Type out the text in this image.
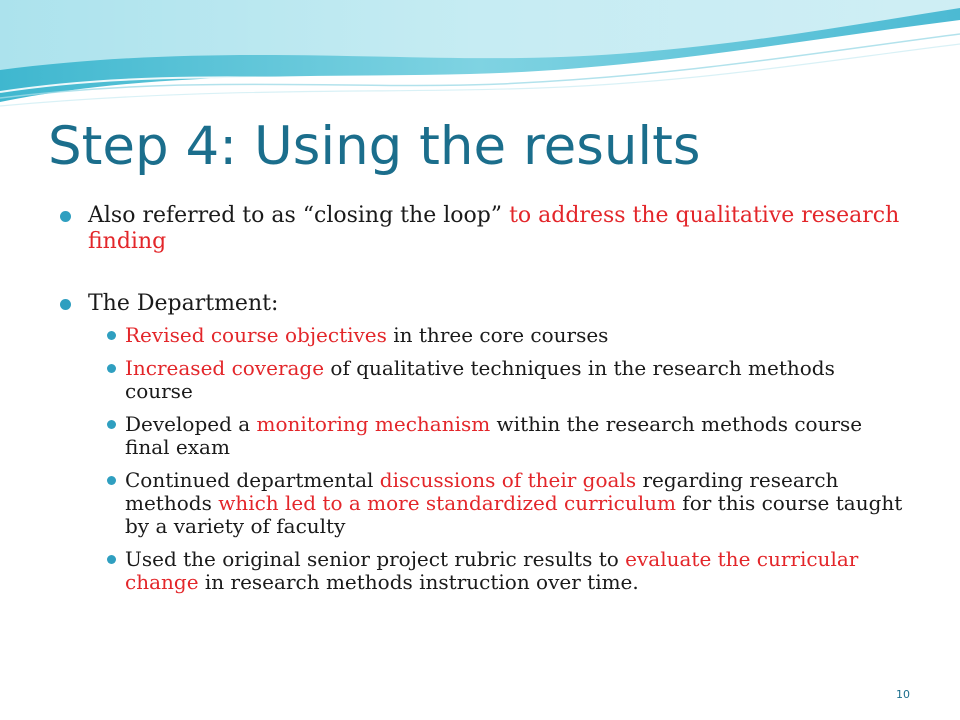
Step 4: Using the results
Also referred to as “closing the loop” to address the qualitative research finding
The Department:
Revised course objectives in three core courses
Increased coverage of qualitative techniques in the research methods course
Developed a monitoring mechanism within the research methods course final exam
Continued departmental discussions of their goals regarding research methods which led to a more standardized curriculum for this course taught by a variety of faculty
Used the original senior project rubric results to evaluate the curricular change in research methods instruction over time.
10
